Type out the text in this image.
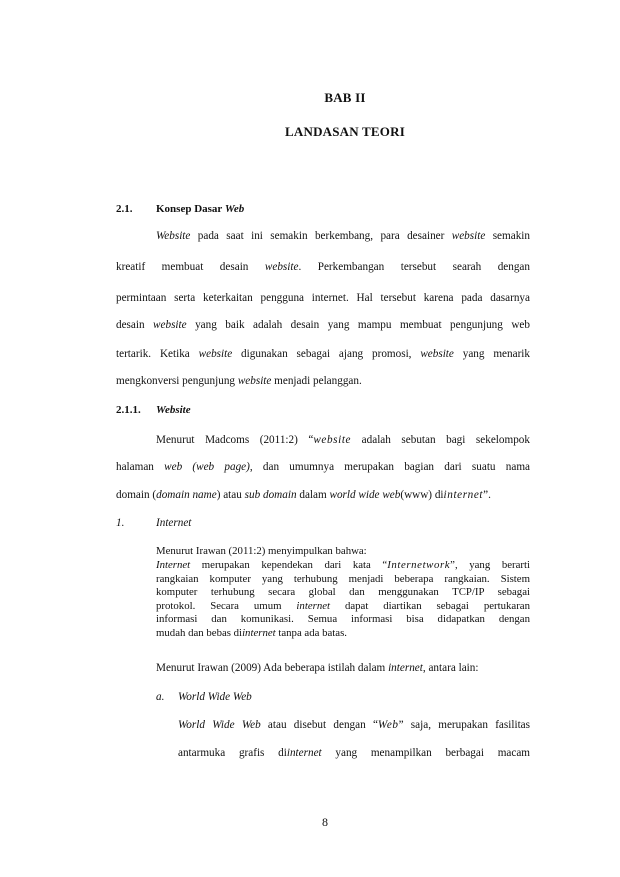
BAB II
LANDASAN TEORI
2.1. Konsep Dasar Web
Website pada saat ini semakin berkembang, para desainer website semakin
kreatif membuat desain website. Perkembangan tersebut searah dengan
permintaan serta keterkaitan pengguna internet. Hal tersebut karena pada dasarnya
desain website yang baik adalah desain yang mampu membuat pengunjung web
tertarik. Ketika website digunakan sebagai ajang promosi, website yang menarik
mengkonversi pengunjung website menjadi pelanggan.
2.1.1. Website
Menurut Madcoms (2011:2) “website adalah sebutan bagi sekelompok
halaman web (web page), dan umumnya merupakan bagian dari suatu nama
domain (domain name) atau sub domain dalam world wide web(www) diinternet”.
1.	Internet
Menurut Irawan (2011:2) menyimpulkan bahwa:
Internet merupakan kependekan dari kata “Internetwork”, yang berarti
rangkaian komputer yang terhubung menjadi beberapa rangkaian. Sistem
komputer terhubung secara global dan menggunakan TCP/IP sebagai
protokol. Secara umum internet dapat diartikan sebagai pertukaran
informasi dan komunikasi. Semua informasi bisa didapatkan dengan
mudah dan bebas diinternet tanpa ada batas.
Menurut Irawan (2009) Ada beberapa istilah dalam internet, antara lain:
a. World Wide Web
World Wide Web atau disebut dengan “Web” saja, merupakan fasilitas
antarmuka grafis diinternet yang menampilkan berbagai macam
8
